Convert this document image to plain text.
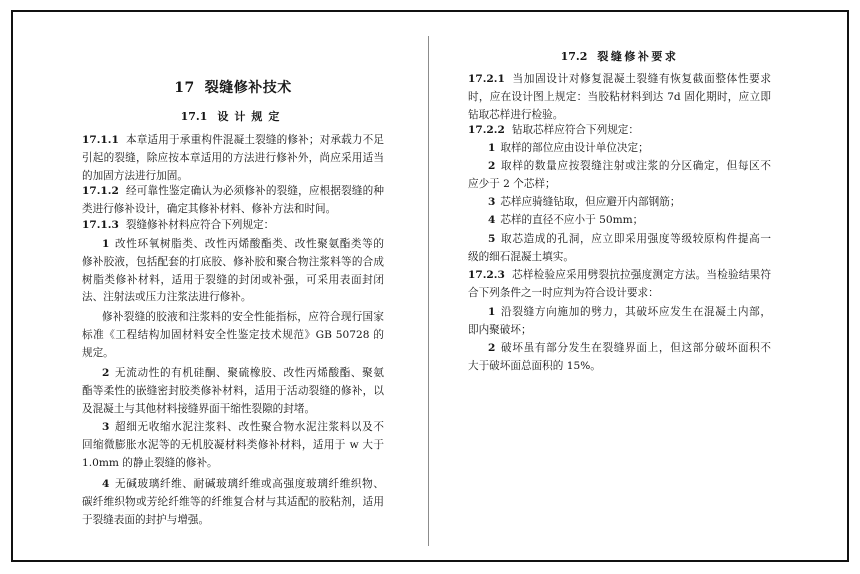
17 裂缝修补技术
17.1 设计规定
17.1.1 本章适用于承重构件混凝土裂缝的修补；对承载力不足
引起的裂缝，除应按本章适用的方法进行修补外，尚应采用适当
的加固方法进行加固。
17.1.2 经可靠性鉴定确认为必须修补的裂缝，应根据裂缝的种
类进行修补设计，确定其修补材料、修补方法和时间。
17.1.3 裂缝修补材料应符合下列规定：
1 改性环氧树脂类、改性丙烯酸酯类、改性聚氨酯类等的
修补胶液，包括配套的打底胶、修补胶和聚合物注浆料等的合成
树脂类修补材料，适用于裂缝的封闭或补强，可采用表面封闭
法、注射法或压力注浆法进行修补。
修补裂缝的胶液和注浆料的安全性能指标，应符合现行国家
标准《工程结构加固材料安全性鉴定技术规范》GB 50728 的
规定。
2 无流动性的有机硅酮、聚硫橡胶、改性丙烯酸酯、聚氨
酯等柔性的嵌缝密封胶类修补材料，适用于活动裂缝的修补，以
及混凝土与其他材料接缝界面干缩性裂隙的封堵。
3 超细无收缩水泥注浆料、改性聚合物水泥注浆料以及不
回缩微膨胀水泥等的无机胶凝材料类修补材料，适用于 w 大于
1.0mm 的静止裂缝的修补。
4 无碱玻璃纤维、耐碱玻璃纤维或高强度玻璃纤维织物、
碳纤维织物或芳纶纤维等的纤维复合材与其适配的胶粘剂，适用
于裂缝表面的封护与增强。
17.2 裂缝修补要求
17.2.1 当加固设计对修复混凝土裂缝有恢复截面整体性要求
时，应在设计图上规定：当胶粘材料到达 7d 固化期时，应立即
钻取芯样进行检验。
17.2.2 钻取芯样应符合下列规定：
1 取样的部位应由设计单位决定；
2 取样的数量应按裂缝注射或注浆的分区确定，但每区不
应少于 2 个芯样；
3 芯样应骑缝钻取，但应避开内部钢筋；
4 芯样的直径不应小于 50mm；
5 取芯造成的孔洞，应立即采用强度等级较原构件提高一
级的细石混凝土填实。
17.2.3 芯样检验应采用劈裂抗拉强度测定方法。当检验结果符
合下列条件之一时应判为符合设计要求：
1 沿裂缝方向施加的劈力，其破坏应发生在混凝土内部，
即内聚破坏；
2 破坏虽有部分发生在裂缝界面上，但这部分破坏面积不
大于破坏面总面积的 15%。
